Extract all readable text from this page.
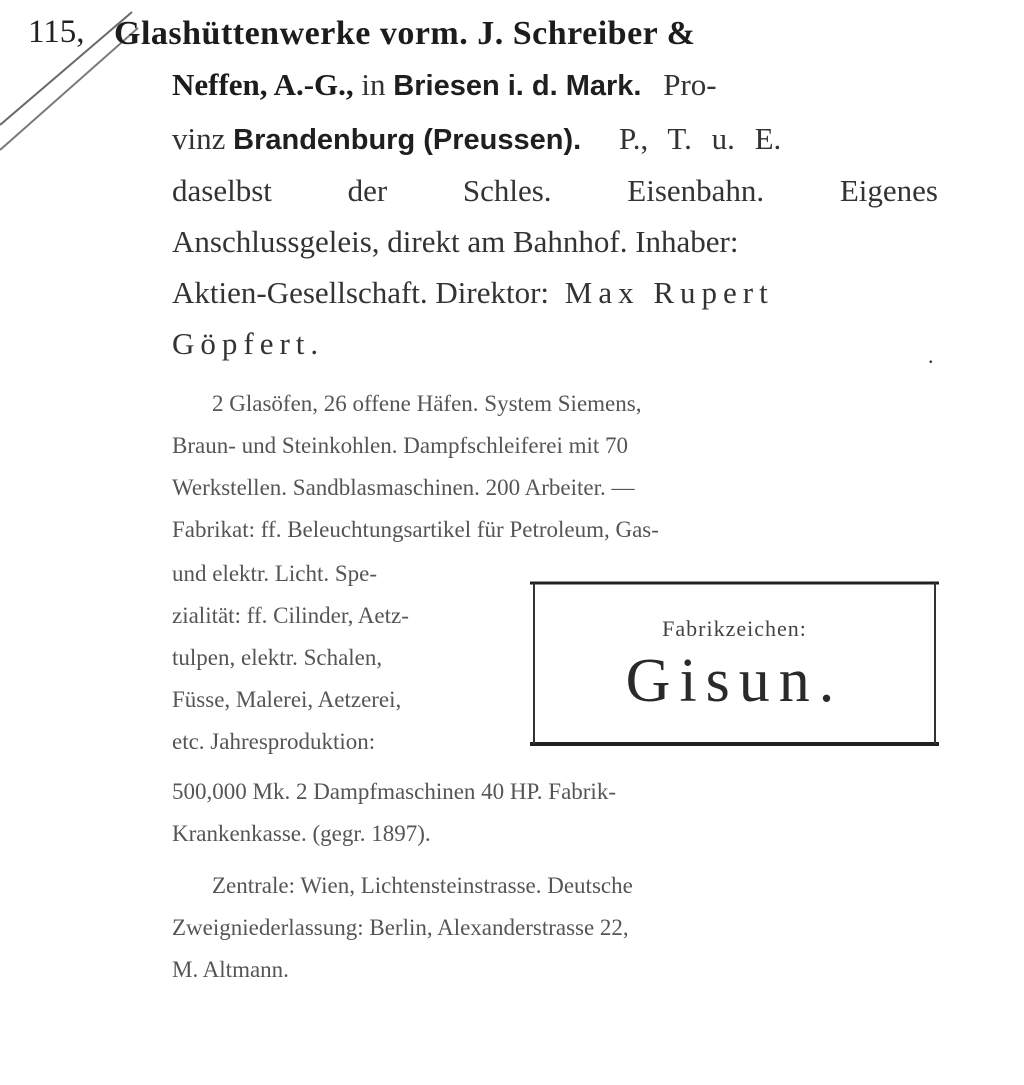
115, Glashüttenwerke vorm. J. Schreiber &
Neffen, A.-G., in Briesen i. d. Mark. Pro-
vinz Brandenburg (Preussen). P., T. u. E.
daselbst der Schles. Eisenbahn. Eigenes
Anschlussgeleis, direkt am Bahnhof. Inhaber:
Aktien-Gesellschaft. Direktor: Max Rupert
Göpfert.	.
2 Glasöfen, 26 offene Häfen. System Siemens,
Braun- und Steinkohlen. Dampfschleiferei mit 70
Werkstellen. Sandblasmaschinen. 200 Arbeiter. —
Fabrikat: ff. Beleuchtungsartikel für Petroleum, Gas-
und elektr. Licht. Spe-
zialität: ff. Cilinder, Aetz-
tulpen, elektr. Schalen,
Füsse, Malerei, Aetzerei,
etc. Jahresproduktion:
Fabrikzeichen:
Gisun.
500,000 Mk. 2 Dampfmaschinen 40 HP. Fabrik-
Krankenkasse. (gegr. 1897).
Zentrale: Wien, Lichtensteinstrasse. Deutsche
Zweigniederlassung: Berlin, Alexanderstrasse 22,
M. Altmann.
